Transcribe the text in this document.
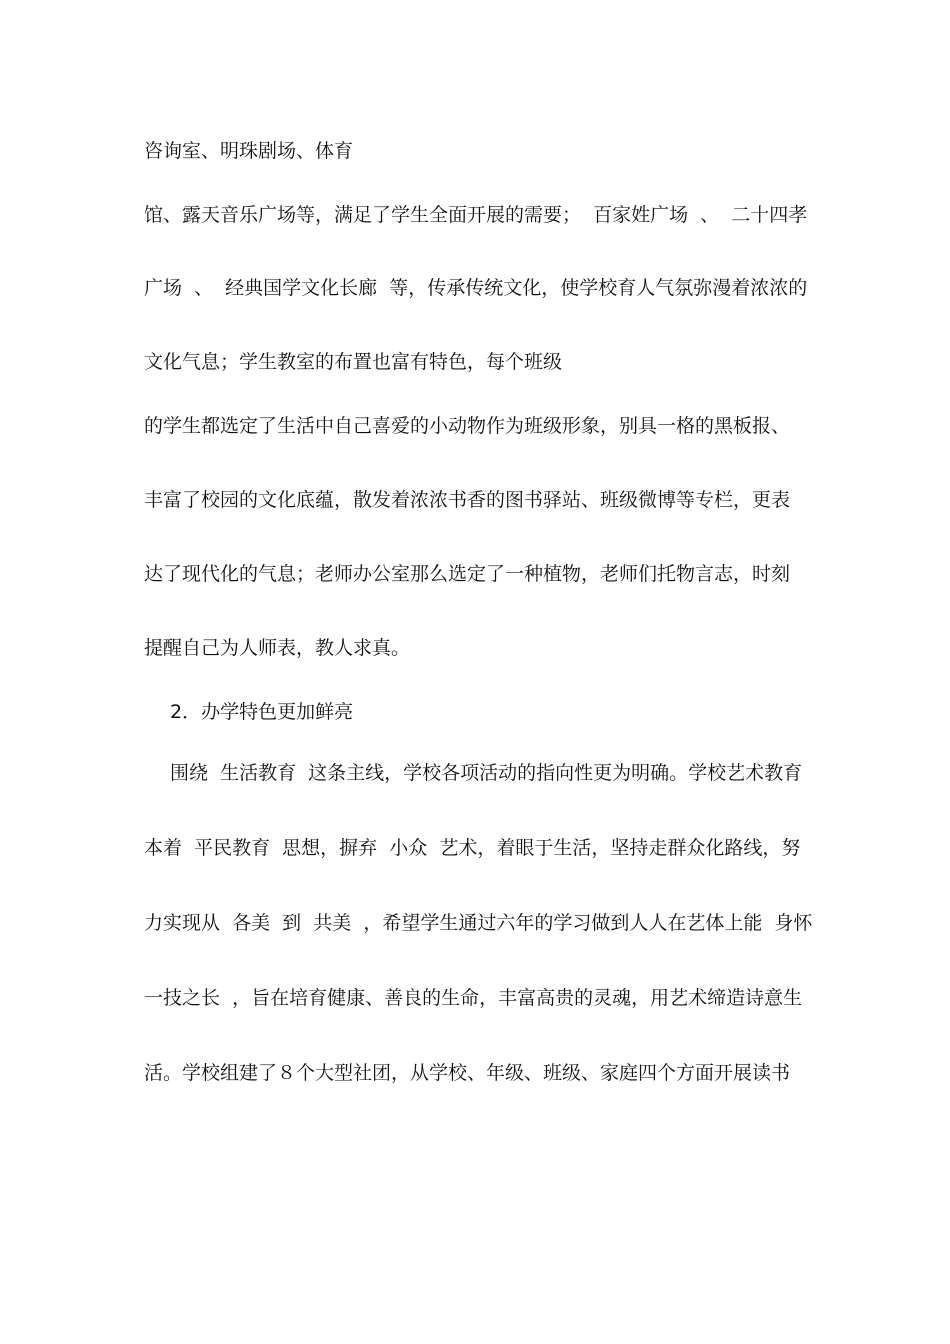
咨询室、明珠剧场、体育
馆、露天音乐广场等，满足了学生全面开展的需要；  百家姓广场  、  二十四孝
广场  、  经典国学文化长廊  等，传承传统文化，使学校育人气氛弥漫着浓浓的
文化气息；学生教室的布置也富有特色，每个班级
的学生都选定了生活中自己喜爱的小动物作为班级形象，别具一格的黑板报、
丰富了校园的文化底蕴，散发着浓浓书香的图书驿站、班级微博等专栏，更表
达了现代化的气息；老师办公室那么选定了一种植物，老师们托物言志，时刻
提醒自己为人师表，教人求真。
2．办学特色更加鲜亮
围绕  生活教育  这条主线，学校各项活动的指向性更为明确。学校艺术教育
本着  平民教育  思想，摒弃  小众  艺术，着眼于生活，坚持走群众化路线，努
力实现从  各美  到  共美  ，希望学生通过六年的学习做到人人在艺体上能  身怀
一技之长  ，旨在培育健康、善良的生命，丰富高贵的灵魂，用艺术缔造诗意生
活。学校组建了８个大型社团，从学校、年级、班级、家庭四个方面开展读书
